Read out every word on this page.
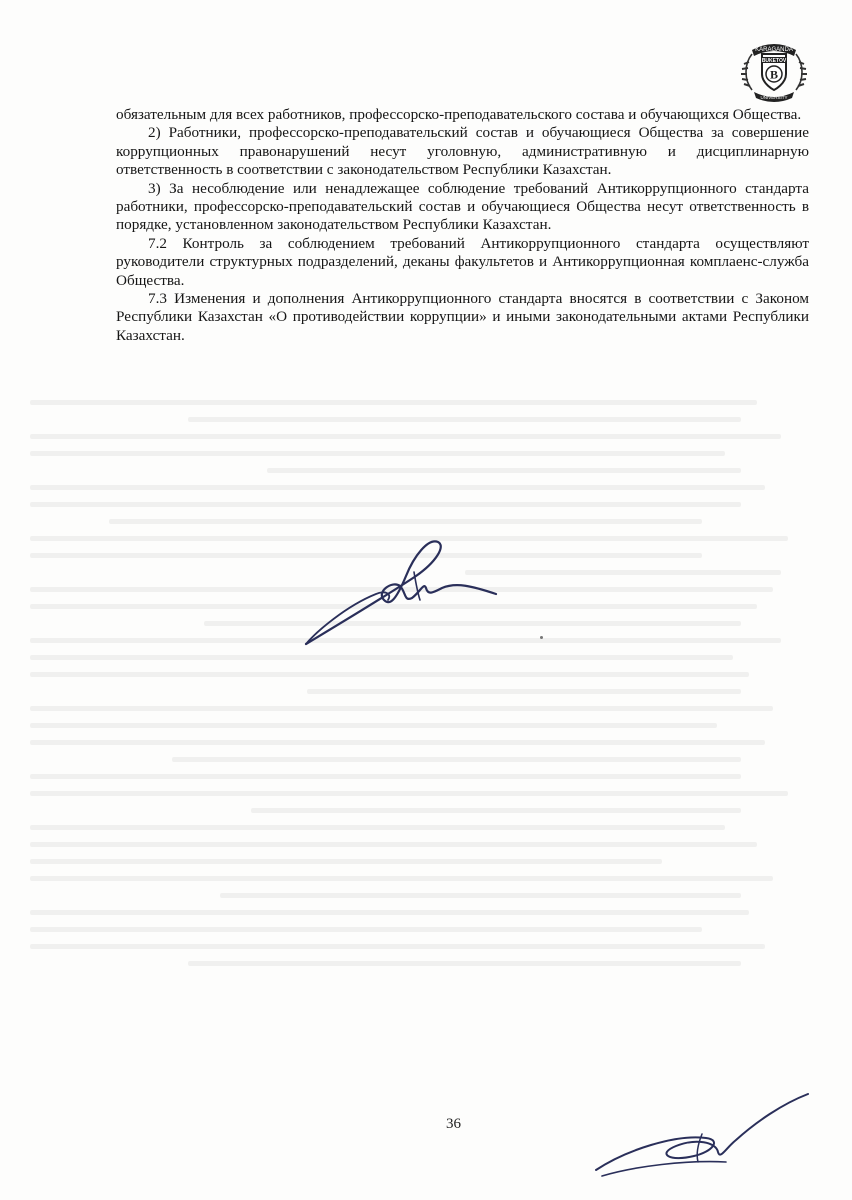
KARAGANDA
BUKETOV
B
UNIVERSITY

обязательным для всех работников, профессорско-преподавательского состава и обучающихся Общества.

2) Работники, профессорско-преподавательский состав и обучающиеся Общества за совершение коррупционных правонарушений несут уголовную, административную и дисциплинарную ответственность в соответствии с законодательством Республики Казахстан.

3) За несоблюдение или ненадлежащее соблюдение требований Антикоррупционного стандарта работники, профессорско-преподавательский состав и обучающиеся Общества несут ответственность в порядке, установленном законодательством Республики Казахстан.

7.2 Контроль за соблюдением требований Антикоррупционного стандарта осуществляют руководители структурных подразделений, деканы факультетов и Антикоррупционная комплаенс-служба Общества.

7.3 Изменения и дополнения Антикоррупционного стандарта вносятся в соответствии с Законом Республики Казахстан «О противодействии коррупции» и иными законодательными актами Республики Казахстан.

36
